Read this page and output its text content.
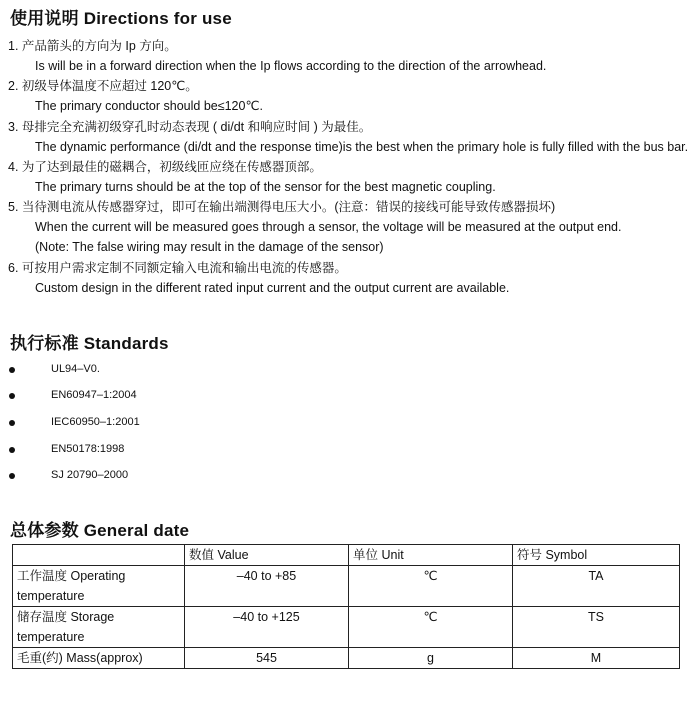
使用说明 Directions for use
1. 产品箭头的方向为 Ip 方向。
Is will be in a forward direction when the Ip flows according to the direction of the arrowhead.
2. 初级导体温度不应超过 120℃。
The primary conductor should be≤120℃.
3. 母排完全充满初级穿孔时动态表现 ( di/dt 和响应时间 ) 为最佳。
The dynamic performance (di/dt and the response time)is the best when the primary hole is fully filled with the bus bar.
4. 为了达到最佳的磁耦合，初级线匝应绕在传感器顶部。
The primary turns should be at the top of the sensor for the best magnetic coupling.
5. 当待测电流从传感器穿过，即可在输出端测得电压大小。(注意：错误的接线可能导致传感器损坏)
When the current will be measured goes through a sensor, the voltage will be measured at the output end.
(Note: The false wiring may result in the damage of the sensor)
6. 可按用户需求定制不同额定输入电流和输出电流的传感器。
Custom design in the different rated input current and the output current are available.
执行标准 Standards
UL94–V0.
EN60947–1:2004
IEC60950–1:2001
EN50178:1998
SJ 20790–2000
总体参数 General date
	数值 Value	单位 Unit	符号 Symbol

工作温度 Operating
temperature	–40 to +85	℃	TA

储存温度 Storage
temperature	–40 to +125	℃	TS
毛重(约) Mass(approx)	545	g	M
